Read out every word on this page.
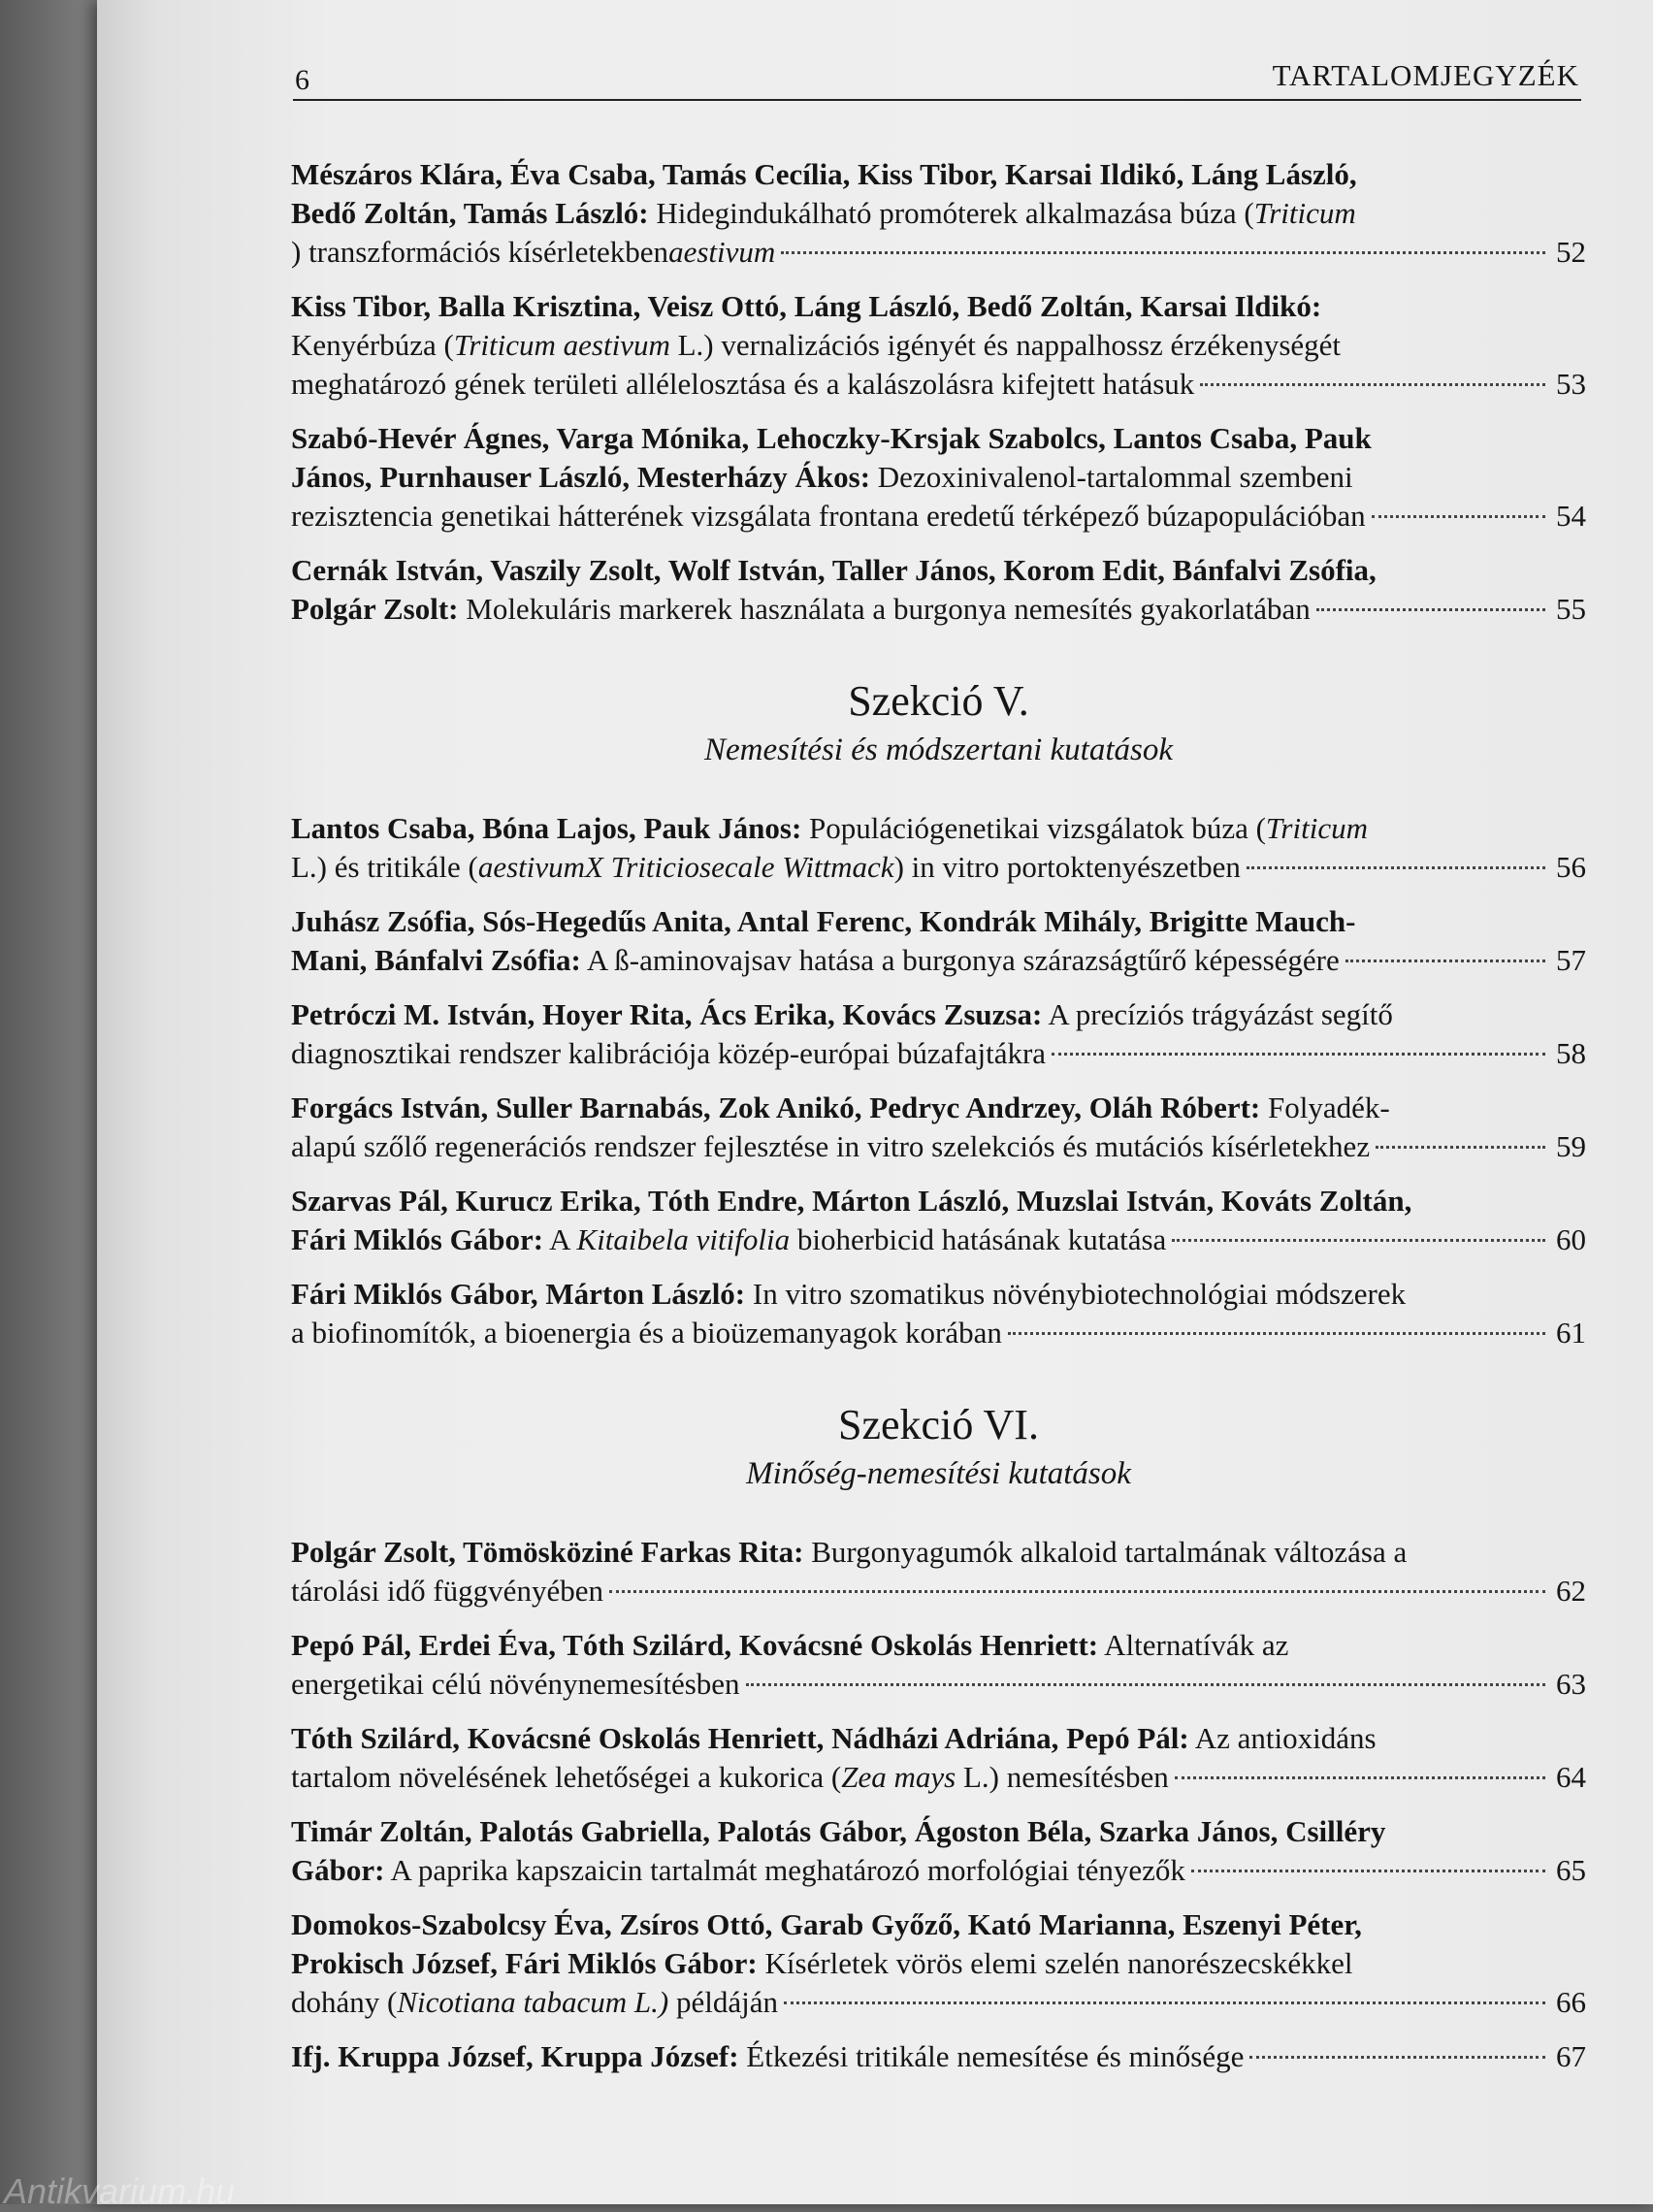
6	TARTALOMJEGYZÉK
Mészáros Klára, Éva Csaba, Tamás Cecília, Kiss Tibor, Karsai Ildikó, Láng László,
Bedő Zoltán, Tamás László: Hidegindukálható promóterek alkalmazása búza (Triticum
) transzformációs kísérletekbenaestivum	52
Kiss Tibor, Balla Krisztina, Veisz Ottó, Láng László, Bedő Zoltán, Karsai Ildikó:
Kenyérbúza (Triticum aestivum L.) vernalizációs igényét és nappalhossz érzékenységét
meghatározó gének területi allélelosztása és a kalászolásra kifejtett hatásuk	53
Szabó-Hevér Ágnes, Varga Mónika, Lehoczky-Krsjak Szabolcs, Lantos Csaba, Pauk
János, Purnhauser László, Mesterházy Ákos: Dezoxinivalenol-tartalommal szembeni
rezisztencia genetikai hátterének vizsgálata frontana eredetű térképező búzapopulációban	54
Cernák István, Vaszily Zsolt, Wolf István, Taller János, Korom Edit, Bánfalvi Zsófia,
Polgár Zsolt: Molekuláris markerek használata a burgonya nemesítés gyakorlatában	55
Szekció V.
Nemesítési és módszertani kutatások
Lantos Csaba, Bóna Lajos, Pauk János: Populációgenetikai vizsgálatok búza (Triticum
L.) és tritikále (aestivumX Triticiosecale Wittmack) in vitro portoktenyészetben	56
Juhász Zsófia, Sós-Hegedűs Anita, Antal Ferenc, Kondrák Mihály, Brigitte Mauch-
Mani, Bánfalvi Zsófia: A ß-aminovajsav hatása a burgonya szárazságtűrő képességére	57
Petróczi M. István, Hoyer Rita, Ács Erika, Kovács Zsuzsa: A precíziós trágyázást segítő
diagnosztikai rendszer kalibrációja közép-európai búzafajtákra	58
Forgács István, Suller Barnabás, Zok Anikó, Pedryc Andrzey, Oláh Róbert: Folyadék-
alapú szőlő regenerációs rendszer fejlesztése in vitro szelekciós és mutációs kísérletekhez	59
Szarvas Pál, Kurucz Erika, Tóth Endre, Márton László, Muzslai István, Kováts Zoltán,
Fári Miklós Gábor: A Kitaibela vitifolia bioherbicid hatásának kutatása	60
Fári Miklós Gábor, Márton László: In vitro szomatikus növénybiotechnológiai módszerek
a biofinomítók, a bioenergia és a bioüzemanyagok korában	61
Szekció VI.
Minőség-nemesítési kutatások
Polgár Zsolt, Tömösköziné Farkas Rita: Burgonyagumók alkaloid tartalmának változása a
tárolási idő függvényében	62
Pepó Pál, Erdei Éva, Tóth Szilárd, Kovácsné Oskolás Henriett: Alternatívák az
energetikai célú növénynemesítésben	63
Tóth Szilárd, Kovácsné Oskolás Henriett, Nádházi Adriána, Pepó Pál: Az antioxidáns
tartalom növelésének lehetőségei a kukorica (Zea mays L.) nemesítésben	64
Timár Zoltán, Palotás Gabriella, Palotás Gábor, Ágoston Béla, Szarka János, Csilléry
Gábor: A paprika kapszaicin tartalmát meghatározó morfológiai tényezők	65
Domokos-Szabolcsy Éva, Zsíros Ottó, Garab Győző, Kató Marianna, Eszenyi Péter,
Prokisch József, Fári Miklós Gábor: Kísérletek vörös elemi szelén nanorészecskékkel
dohány (Nicotiana tabacum L.) példáján	66
Ifj. Kruppa József, Kruppa József: Étkezési tritikále nemesítése és minősége	67
Antikvarium.hu
